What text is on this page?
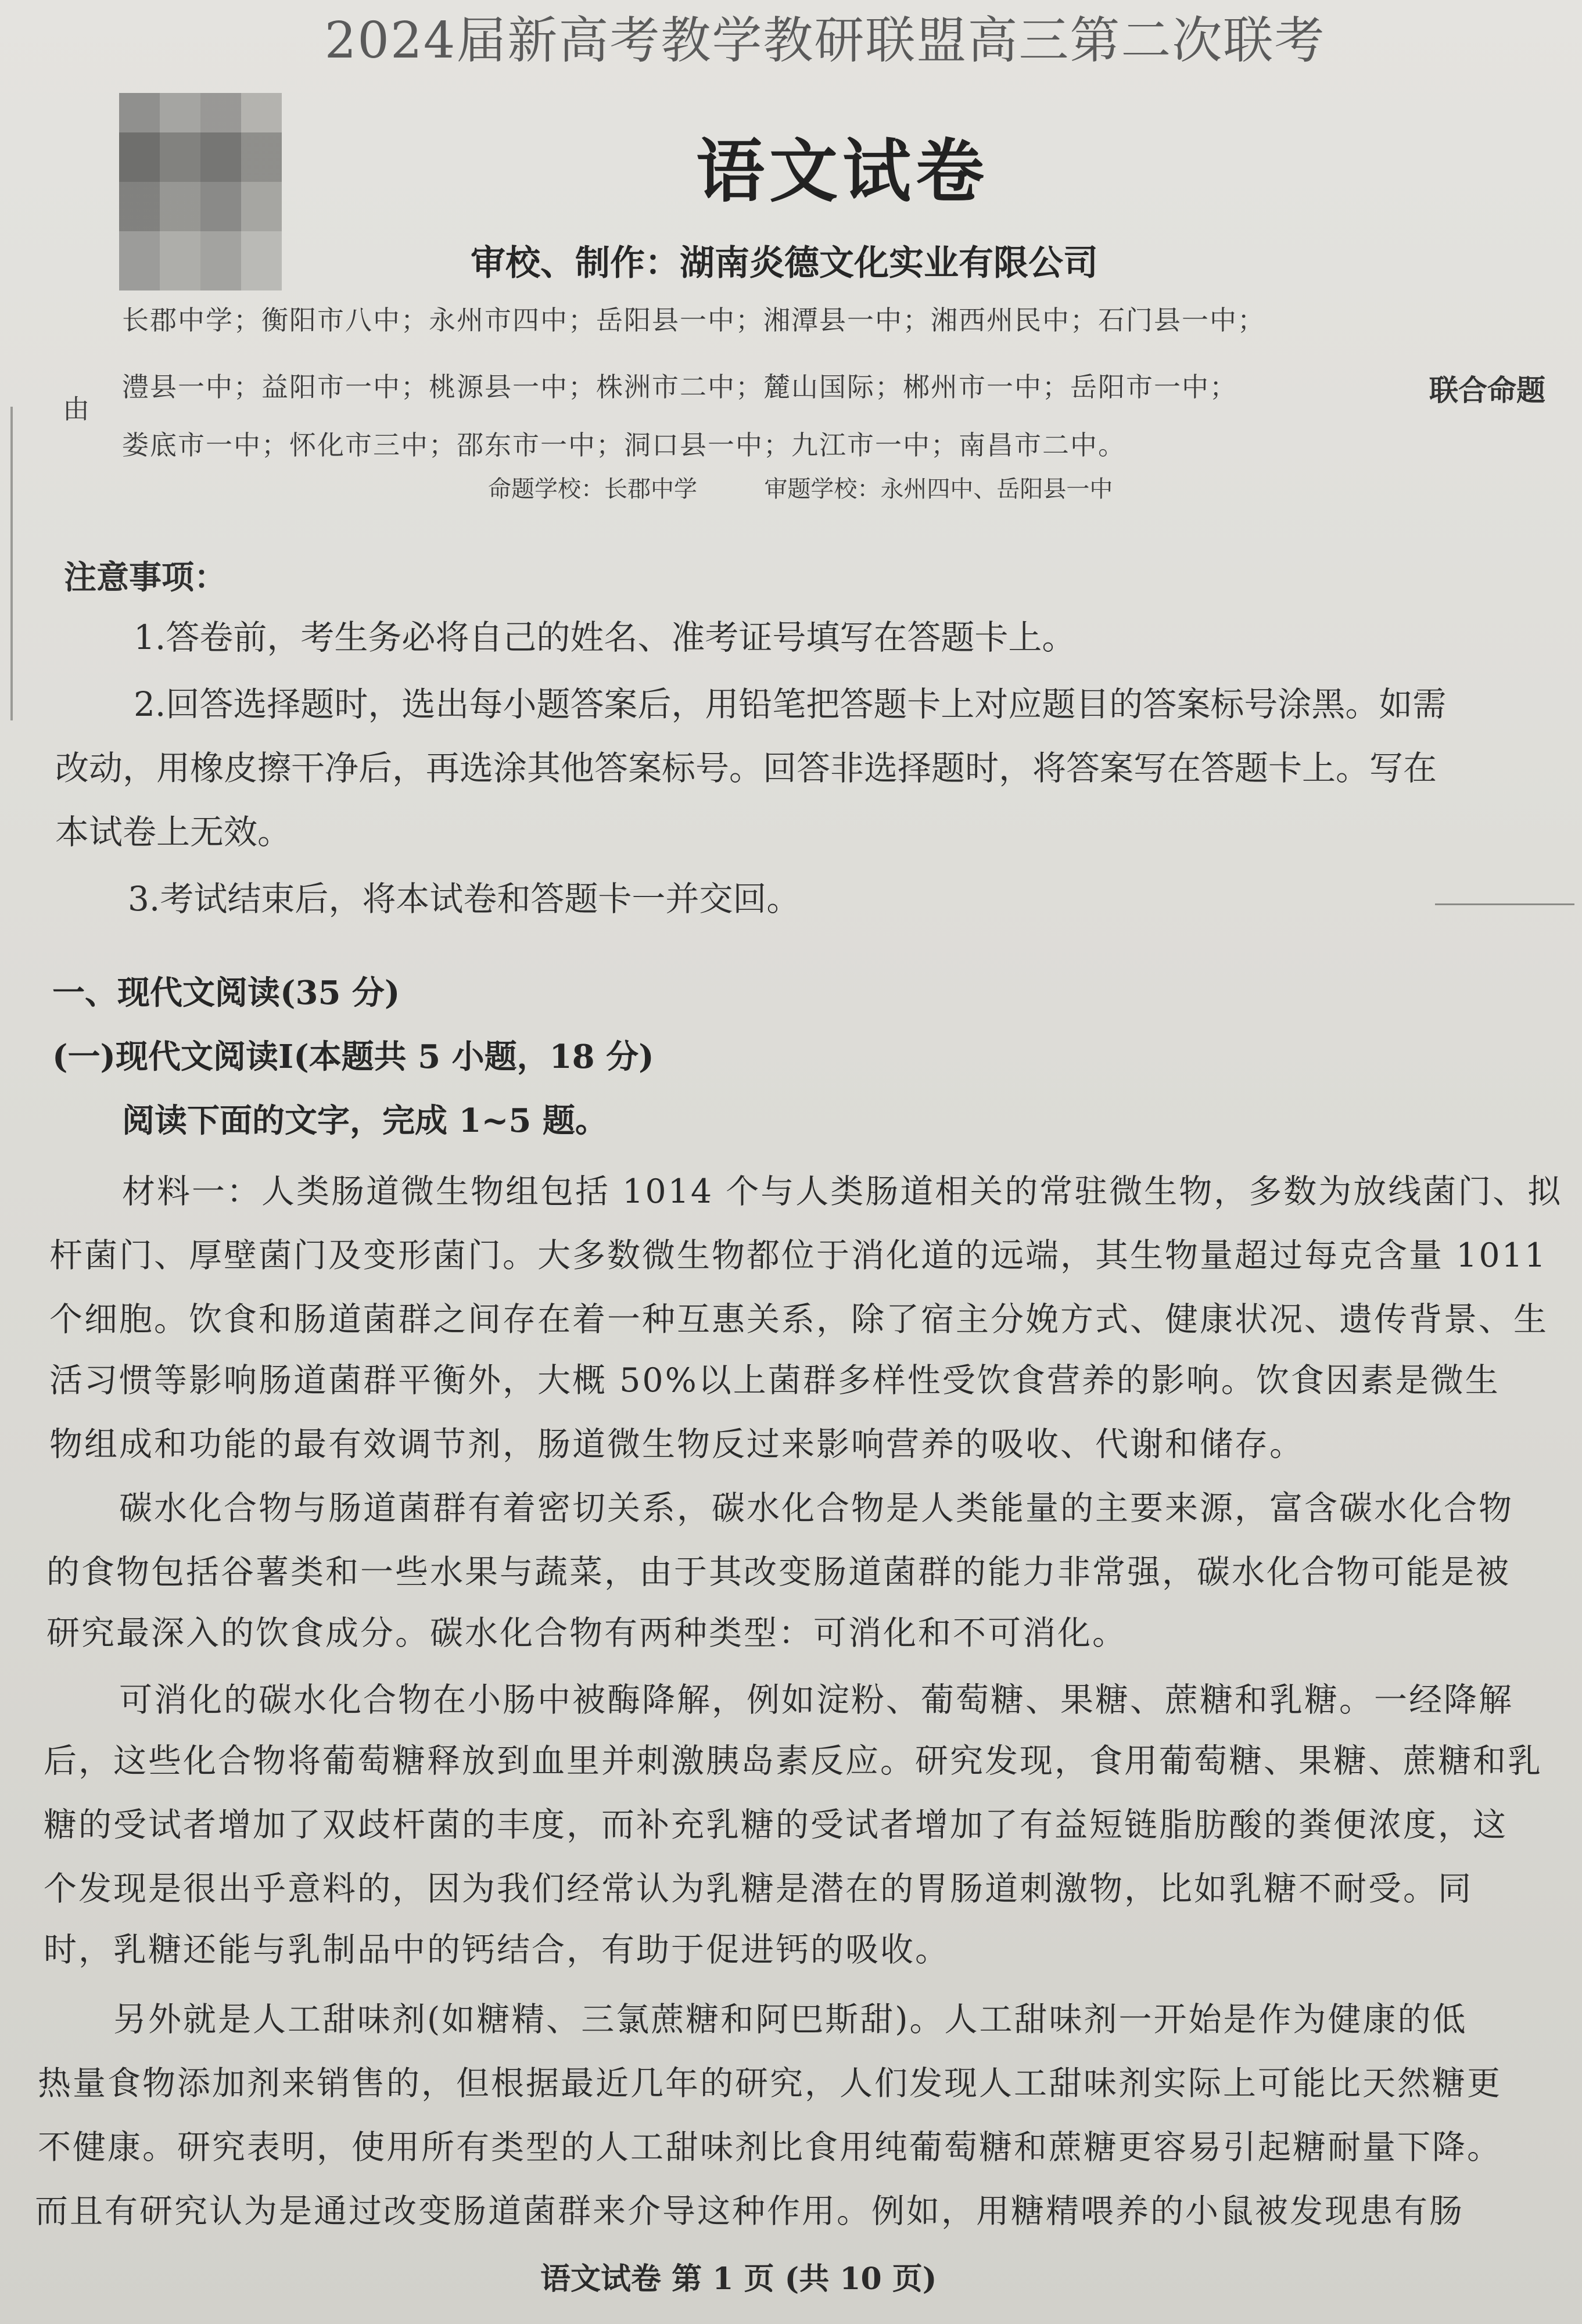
2024届新高考教学教研联盟高三第二次联考
语文试卷
审校、制作：湖南炎德文化实业有限公司
长郡中学；衡阳市八中；永州市四中；岳阳县一中；湘潭县一中；湘西州民中；石门县一中；
由
澧县一中；益阳市一中；桃源县一中；株洲市二中；麓山国际；郴州市一中；岳阳市一中；	联合命题
娄底市一中；怀化市三中；邵东市一中；洞口县一中；九江市一中；南昌市二中。
命题学校：长郡中学	审题学校：永州四中、岳阳县一中
注意事项：
1.答卷前，考生务必将自己的姓名、准考证号填写在答题卡上。
2.回答选择题时，选出每小题答案后，用铅笔把答题卡上对应题目的答案标号涂黑。如需
改动，用橡皮擦干净后，再选涂其他答案标号。回答非选择题时，将答案写在答题卡上。写在
本试卷上无效。
3.考试结束后，将本试卷和答题卡一并交回。
一、现代文阅读(35 分)
(一)现代文阅读Ⅰ(本题共 5 小题，18 分)
阅读下面的文字，完成 1~5 题。
材料一：人类肠道微生物组包括 1014 个与人类肠道相关的常驻微生物，多数为放线菌门、拟
杆菌门、厚壁菌门及变形菌门。大多数微生物都位于消化道的远端，其生物量超过每克含量 1011
个细胞。饮食和肠道菌群之间存在着一种互惠关系，除了宿主分娩方式、健康状况、遗传背景、生
活习惯等影响肠道菌群平衡外，大概 50%以上菌群多样性受饮食营养的影响。饮食因素是微生
物组成和功能的最有效调节剂，肠道微生物反过来影响营养的吸收、代谢和储存。
碳水化合物与肠道菌群有着密切关系，碳水化合物是人类能量的主要来源，富含碳水化合物
的食物包括谷薯类和一些水果与蔬菜，由于其改变肠道菌群的能力非常强，碳水化合物可能是被
研究最深入的饮食成分。碳水化合物有两种类型：可消化和不可消化。
可消化的碳水化合物在小肠中被酶降解，例如淀粉、葡萄糖、果糖、蔗糖和乳糖。一经降解
后，这些化合物将葡萄糖释放到血里并刺激胰岛素反应。研究发现，食用葡萄糖、果糖、蔗糖和乳
糖的受试者增加了双歧杆菌的丰度，而补充乳糖的受试者增加了有益短链脂肪酸的粪便浓度，这
个发现是很出乎意料的，因为我们经常认为乳糖是潜在的胃肠道刺激物，比如乳糖不耐受。同
时，乳糖还能与乳制品中的钙结合，有助于促进钙的吸收。
另外就是人工甜味剂(如糖精、三氯蔗糖和阿巴斯甜)。人工甜味剂一开始是作为健康的低
热量食物添加剂来销售的，但根据最近几年的研究，人们发现人工甜味剂实际上可能比天然糖更
不健康。研究表明，使用所有类型的人工甜味剂比食用纯葡萄糖和蔗糖更容易引起糖耐量下降。
而且有研究认为是通过改变肠道菌群来介导这种作用。例如，用糖精喂养的小鼠被发现患有肠
语文试卷 第 1 页 (共 10 页)
